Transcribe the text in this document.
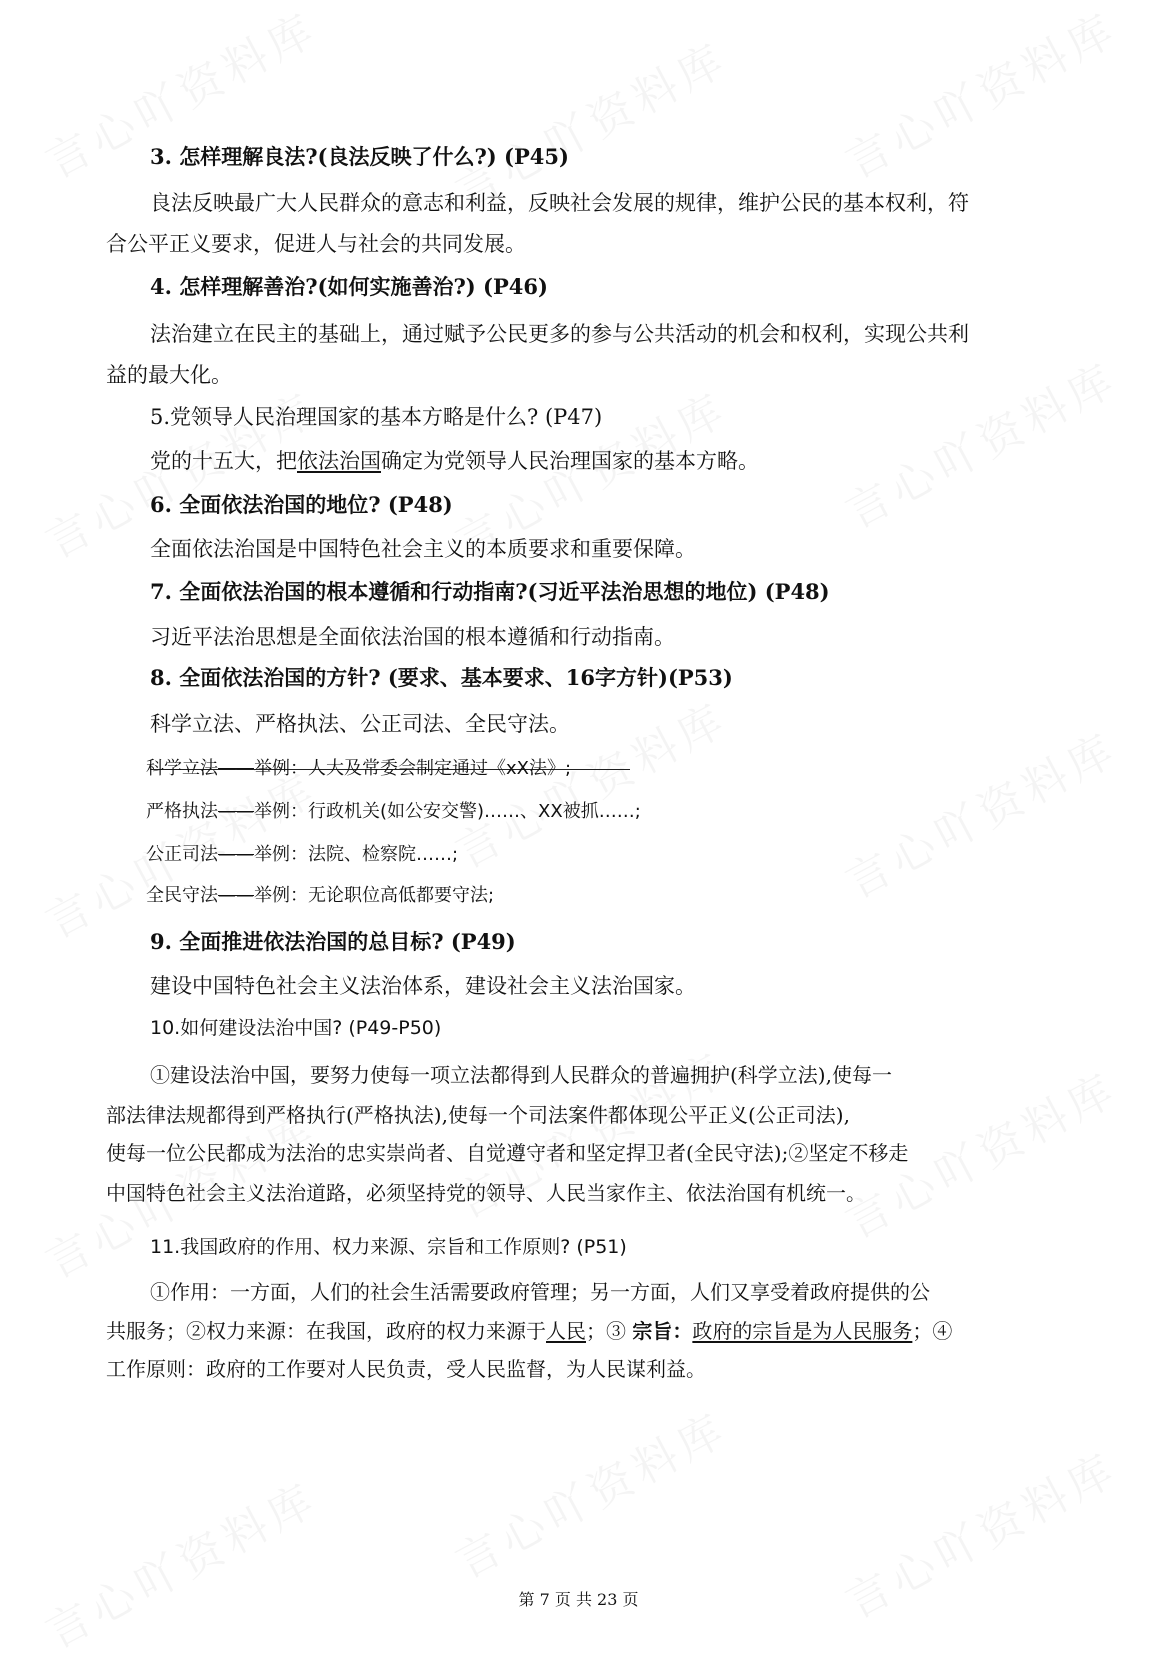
3. 怎样理解良法?(良法反映了什么?) (P45)
良法反映最广大人民群众的意志和利益，反映社会发展的规律，维护公民的基本权利，符
合公平正义要求，促进人与社会的共同发展。
4. 怎样理解善治?(如何实施善治?) (P46)
法治建立在民主的基础上，通过赋予公民更多的参与公共活动的机会和权利，实现公共利
益的最大化。
5.党领导人民治理国家的基本方略是什么? (P47)
党的十五大，把依法治国确定为党领导人民治理国家的基本方略。
6. 全面依法治国的地位? (P48)
全面依法治国是中国特色社会主义的本质要求和重要保障。
7. 全面依法治国的根本遵循和行动指南?(习近平法治思想的地位) (P48)
习近平法治思想是全面依法治国的根本遵循和行动指南。
8. 全面依法治国的方针? (要求、基本要求、16字方针)(P53)
科学立法、严格执法、公正司法、全民守法。
科学立法——举例：人大及常委会制定通过《xX法》;
严格执法——举例：行政机关(如公安交警)……、XX被抓……;
公正司法——举例：法院、检察院……;
全民守法——举例：无论职位高低都要守法;
9. 全面推进依法治国的总目标? (P49)
建设中国特色社会主义法治体系，建设社会主义法治国家。
10.如何建设法治中国? (P49-P50)
①建设法治中国，要努力使每一项立法都得到人民群众的普遍拥护(科学立法),使每一
部法律法规都得到严格执行(严格执法),使每一个司法案件都体现公平正义(公正司法),
使每一位公民都成为法治的忠实崇尚者、自觉遵守者和坚定捍卫者(全民守法);②坚定不移走
中国特色社会主义法治道路，必须坚持党的领导、人民当家作主、依法治国有机统一。
11.我国政府的作用、权力来源、宗旨和工作原则? (P51)
①作用：一方面，人们的社会生活需要政府管理；另一方面，人们又享受着政府提供的公
共服务；②权力来源：在我国，政府的权力来源于人民；③ 宗旨：政府的宗旨是为人民服务；④
工作原则：政府的工作要对人民负责，受人民监督，为人民谋利益。
第 7 页 共 23 页
